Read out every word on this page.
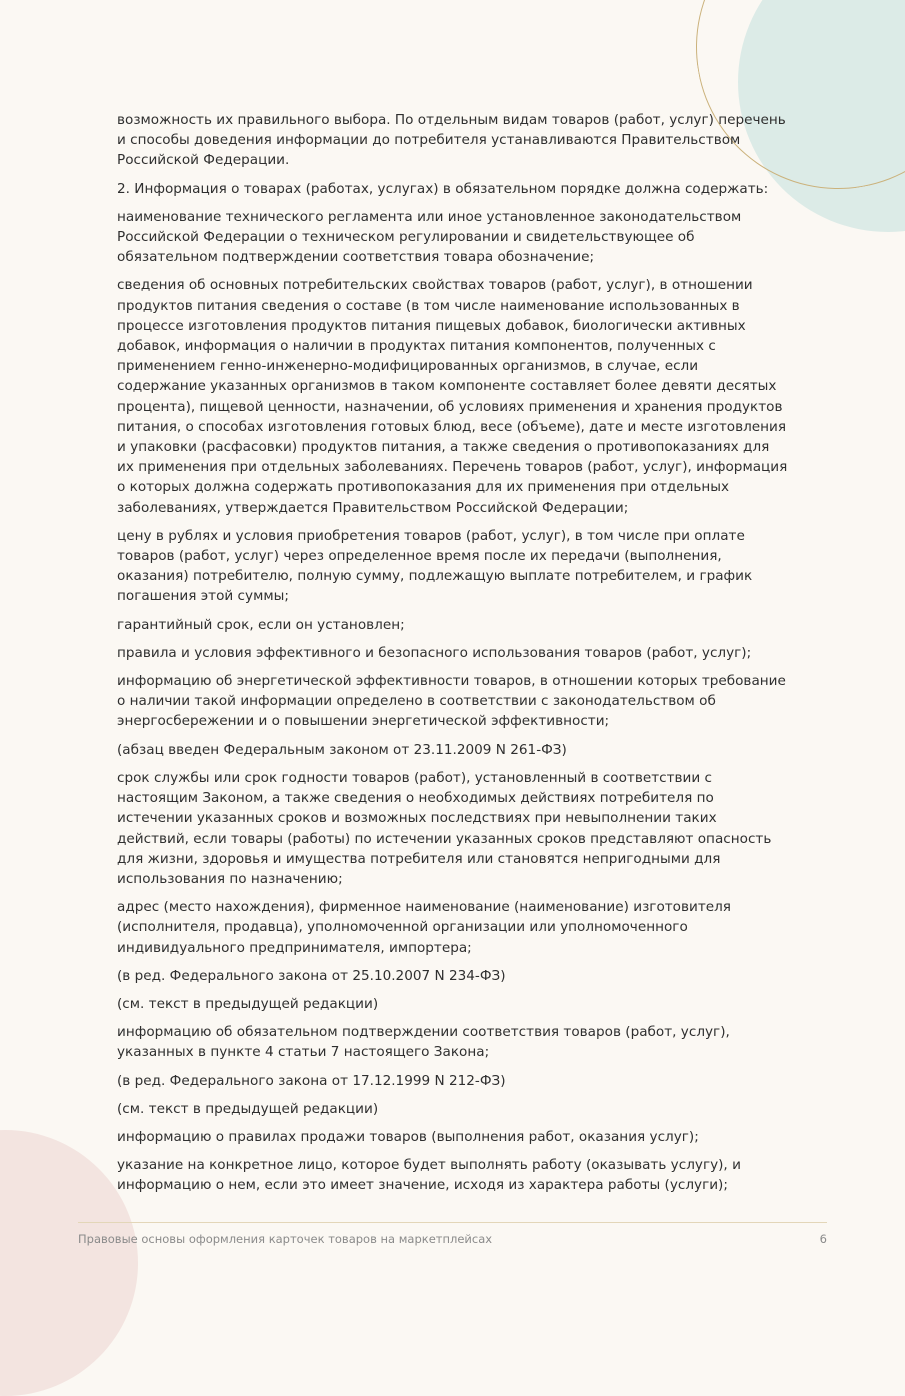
возможность их правильного выбора. По отдельным видам товаров (работ, услуг) перечень и способы доведения информации до потребителя устанавливаются Правительством Российской Федерации.

2. Информация о товарах (работах, услугах) в обязательном порядке должна содержать:

наименование технического регламента или иное установленное законодательством Российской Федерации о техническом регулировании и свидетельствующее об обязательном подтверждении соответствия товара обозначение;

сведения об основных потребительских свойствах товаров (работ, услуг), в отношении продуктов питания сведения о составе (в том числе наименование использованных в процессе изготовления продуктов питания пищевых добавок, биологически активных добавок, информация о наличии в продуктах питания компонентов, полученных с применением генно-инженерно-модифицированных организмов, в случае, если содержание указанных организмов в таком компоненте составляет более девяти десятых процента), пищевой ценности, назначении, об условиях применения и хранения продуктов питания, о способах изготовления готовых блюд, весе (объеме), дате и месте изготовления и упаковки (расфасовки) продуктов питания, а также сведения о противопоказаниях для их применения при отдельных заболеваниях. Перечень товаров (работ, услуг), информация о которых должна содержать противопоказания для их применения при отдельных заболеваниях, утверждается Правительством Российской Федерации;

цену в рублях и условия приобретения товаров (работ, услуг), в том числе при оплате товаров (работ, услуг) через определенное время после их передачи (выполнения, оказания) потребителю, полную сумму, подлежащую выплате потребителем, и график погашения этой суммы;

гарантийный срок, если он установлен;

правила и условия эффективного и безопасного использования товаров (работ, услуг);

информацию об энергетической эффективности товаров, в отношении которых требование о наличии такой информации определено в соответствии с законодательством об энергосбережении и о повышении энергетической эффективности;

(абзац введен Федеральным законом от 23.11.2009 N 261-ФЗ)

срок службы или срок годности товаров (работ), установленный в соответствии с настоящим Законом, а также сведения о необходимых действиях потребителя по истечении указанных сроков и возможных последствиях при невыполнении таких действий, если товары (работы) по истечении указанных сроков представляют опасность для жизни, здоровья и имущества потребителя или становятся непригодными для использования по назначению;

адрес (место нахождения), фирменное наименование (наименование) изготовителя (исполнителя, продавца), уполномоченной организации или уполномоченного индивидуального предпринимателя, импортера;

(в ред. Федерального закона от 25.10.2007 N 234-ФЗ)

(см. текст в предыдущей редакции)

информацию об обязательном подтверждении соответствия товаров (работ, услуг), указанных в пункте 4 статьи 7 настоящего Закона;

(в ред. Федерального закона от 17.12.1999 N 212-ФЗ)

(см. текст в предыдущей редакции)

информацию о правилах продажи товаров (выполнения работ, оказания услуг);

указание на конкретное лицо, которое будет выполнять работу (оказывать услугу), и информацию о нем, если это имеет значение, исходя из характера работы (услуги);

Правовые основы оформления карточек товаров на маркетплейсах	6
